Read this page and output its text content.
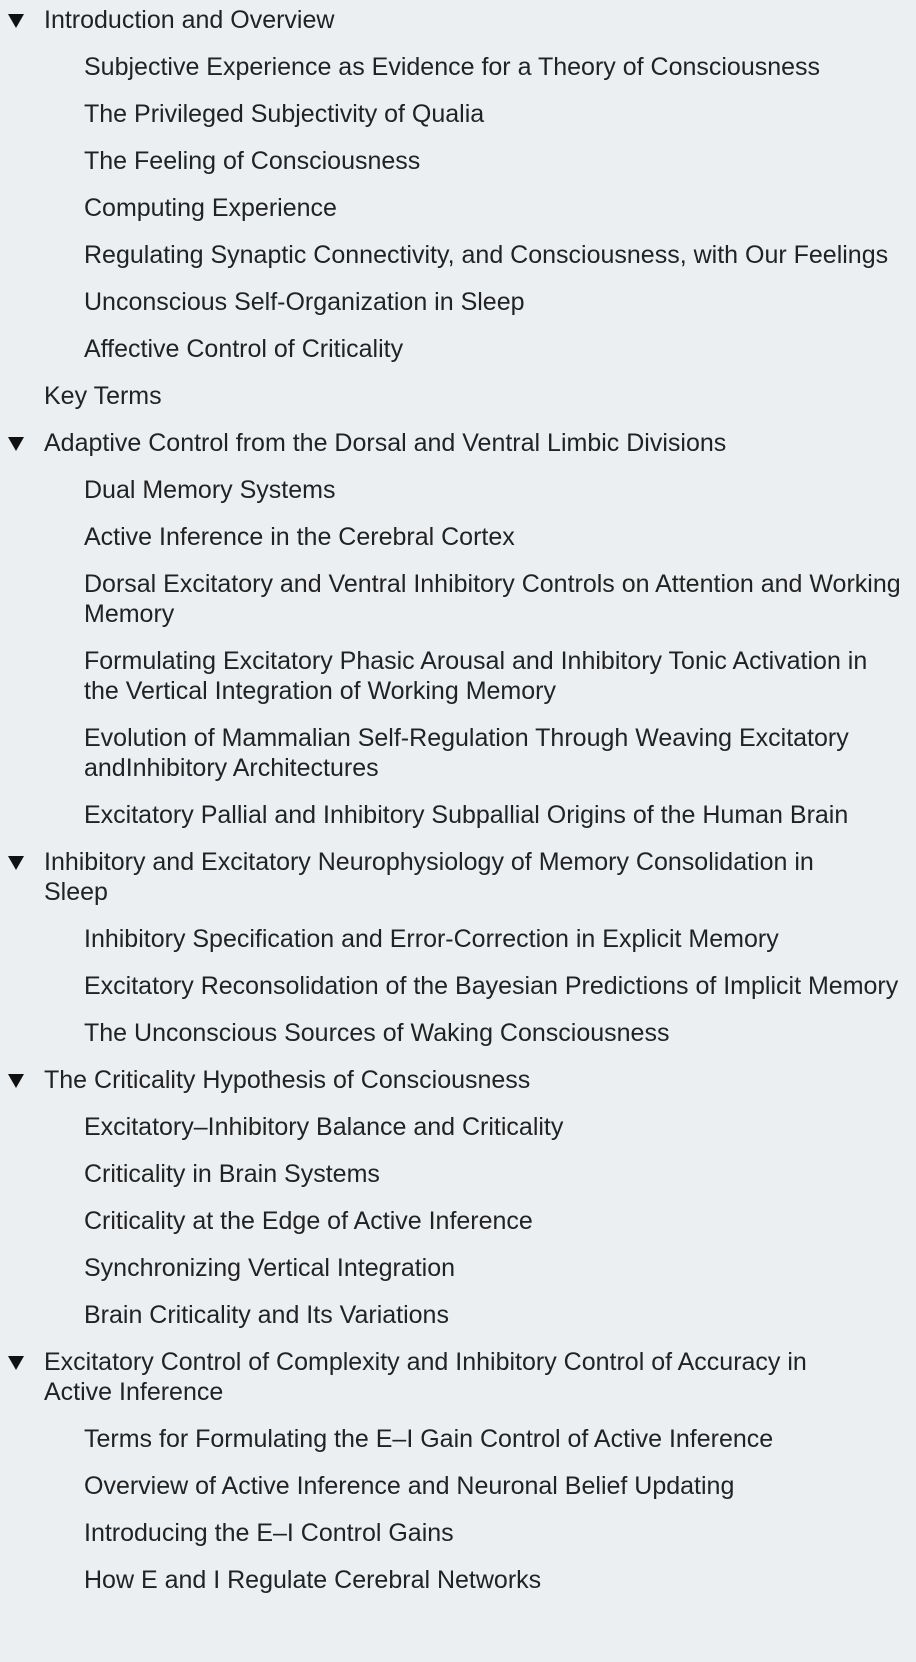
Introduction and Overview
Subjective Experience as Evidence for a Theory of Consciousness
The Privileged Subjectivity of Qualia
The Feeling of Consciousness
Computing Experience
Regulating Synaptic Connectivity, and Consciousness, with Our Feelings
Unconscious Self-Organization in Sleep
Affective Control of Criticality
Key Terms
Adaptive Control from the Dorsal and Ventral Limbic Divisions
Dual Memory Systems
Active Inference in the Cerebral Cortex
Dorsal Excitatory and Ventral Inhibitory Controls on Attention and Working Memory
Formulating Excitatory Phasic Arousal and Inhibitory Tonic Activation in the Vertical Integration of Working Memory
Evolution of Mammalian Self-Regulation Through Weaving Excitatory andInhibitory Architectures
Excitatory Pallial and Inhibitory Subpallial Origins of the Human Brain
Inhibitory and Excitatory Neurophysiology of Memory Consolidation in Sleep
Inhibitory Specification and Error-Correction in Explicit Memory
Excitatory Reconsolidation of the Bayesian Predictions of Implicit Memory
The Unconscious Sources of Waking Consciousness
The Criticality Hypothesis of Consciousness
Excitatory–Inhibitory Balance and Criticality
Criticality in Brain Systems
Criticality at the Edge of Active Inference
Synchronizing Vertical Integration
Brain Criticality and Its Variations
Excitatory Control of Complexity and Inhibitory Control of Accuracy in Active Inference
Terms for Formulating the E–I Gain Control of Active Inference
Overview of Active Inference and Neuronal Belief Updating
Introducing the E–I Control Gains
How E and I Regulate Cerebral Networks
